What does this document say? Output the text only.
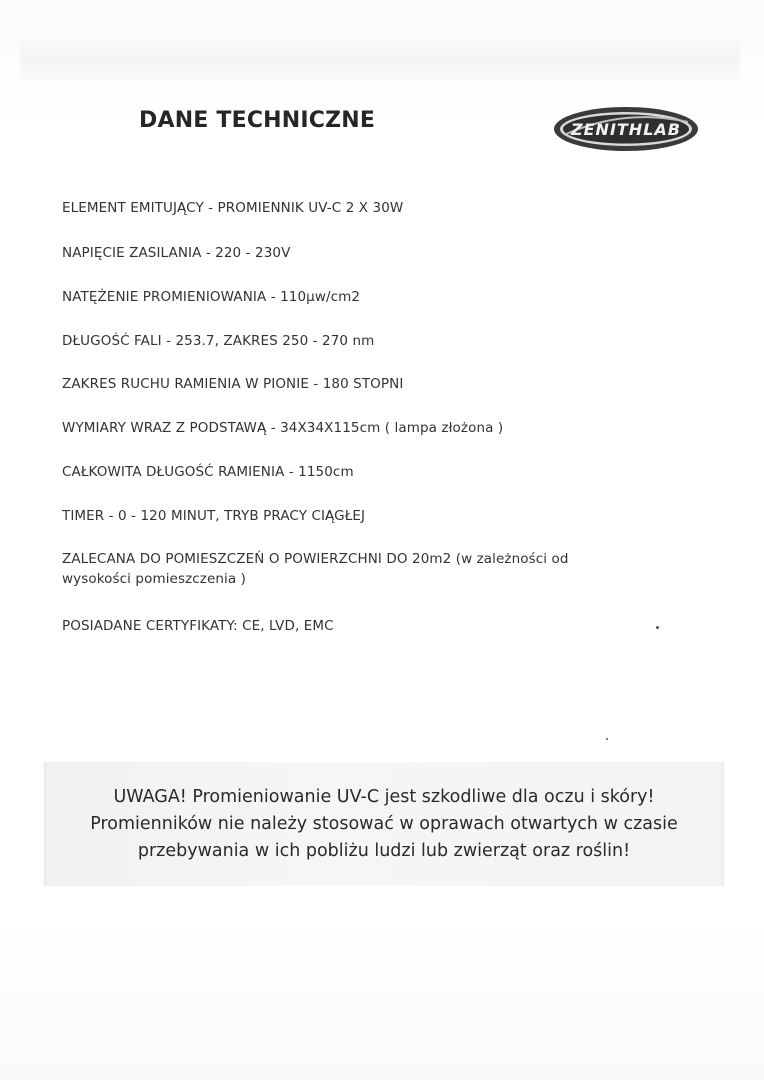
DANE TECHNICZNE	ZENITHLAB
ELEMENT EMITUJĄCY - PROMIENNIK UV-C 2 X 30W
NAPIĘCIE ZASILANIA - 220 - 230V
NATĘŻENIE PROMIENIOWANIA - 110μw/cm2
DŁUGOŚĆ FALI - 253.7, ZAKRES 250 - 270 nm
ZAKRES RUCHU RAMIENIA W PIONIE - 180 STOPNI
WYMIARY WRAZ Z PODSTAWĄ - 34X34X115cm ( lampa złożona )
CAŁKOWITA DŁUGOŚĆ RAMIENIA - 1150cm
TIMER - 0 - 120 MINUT, TRYB PRACY CIĄGŁEJ
ZALECANA DO POMIESZCZEŃ O POWIERZCHNI DO 20m2 (w zależności od wysokości pomieszczenia )
POSIADANE CERTYFIKATY: CE, LVD, EMC
UWAGA! Promieniowanie UV-C jest szkodliwe dla oczu i skóry!
Promienników nie należy stosować w oprawach otwartych w czasie
przebywania w ich pobliżu ludzi lub zwierząt oraz roślin!
